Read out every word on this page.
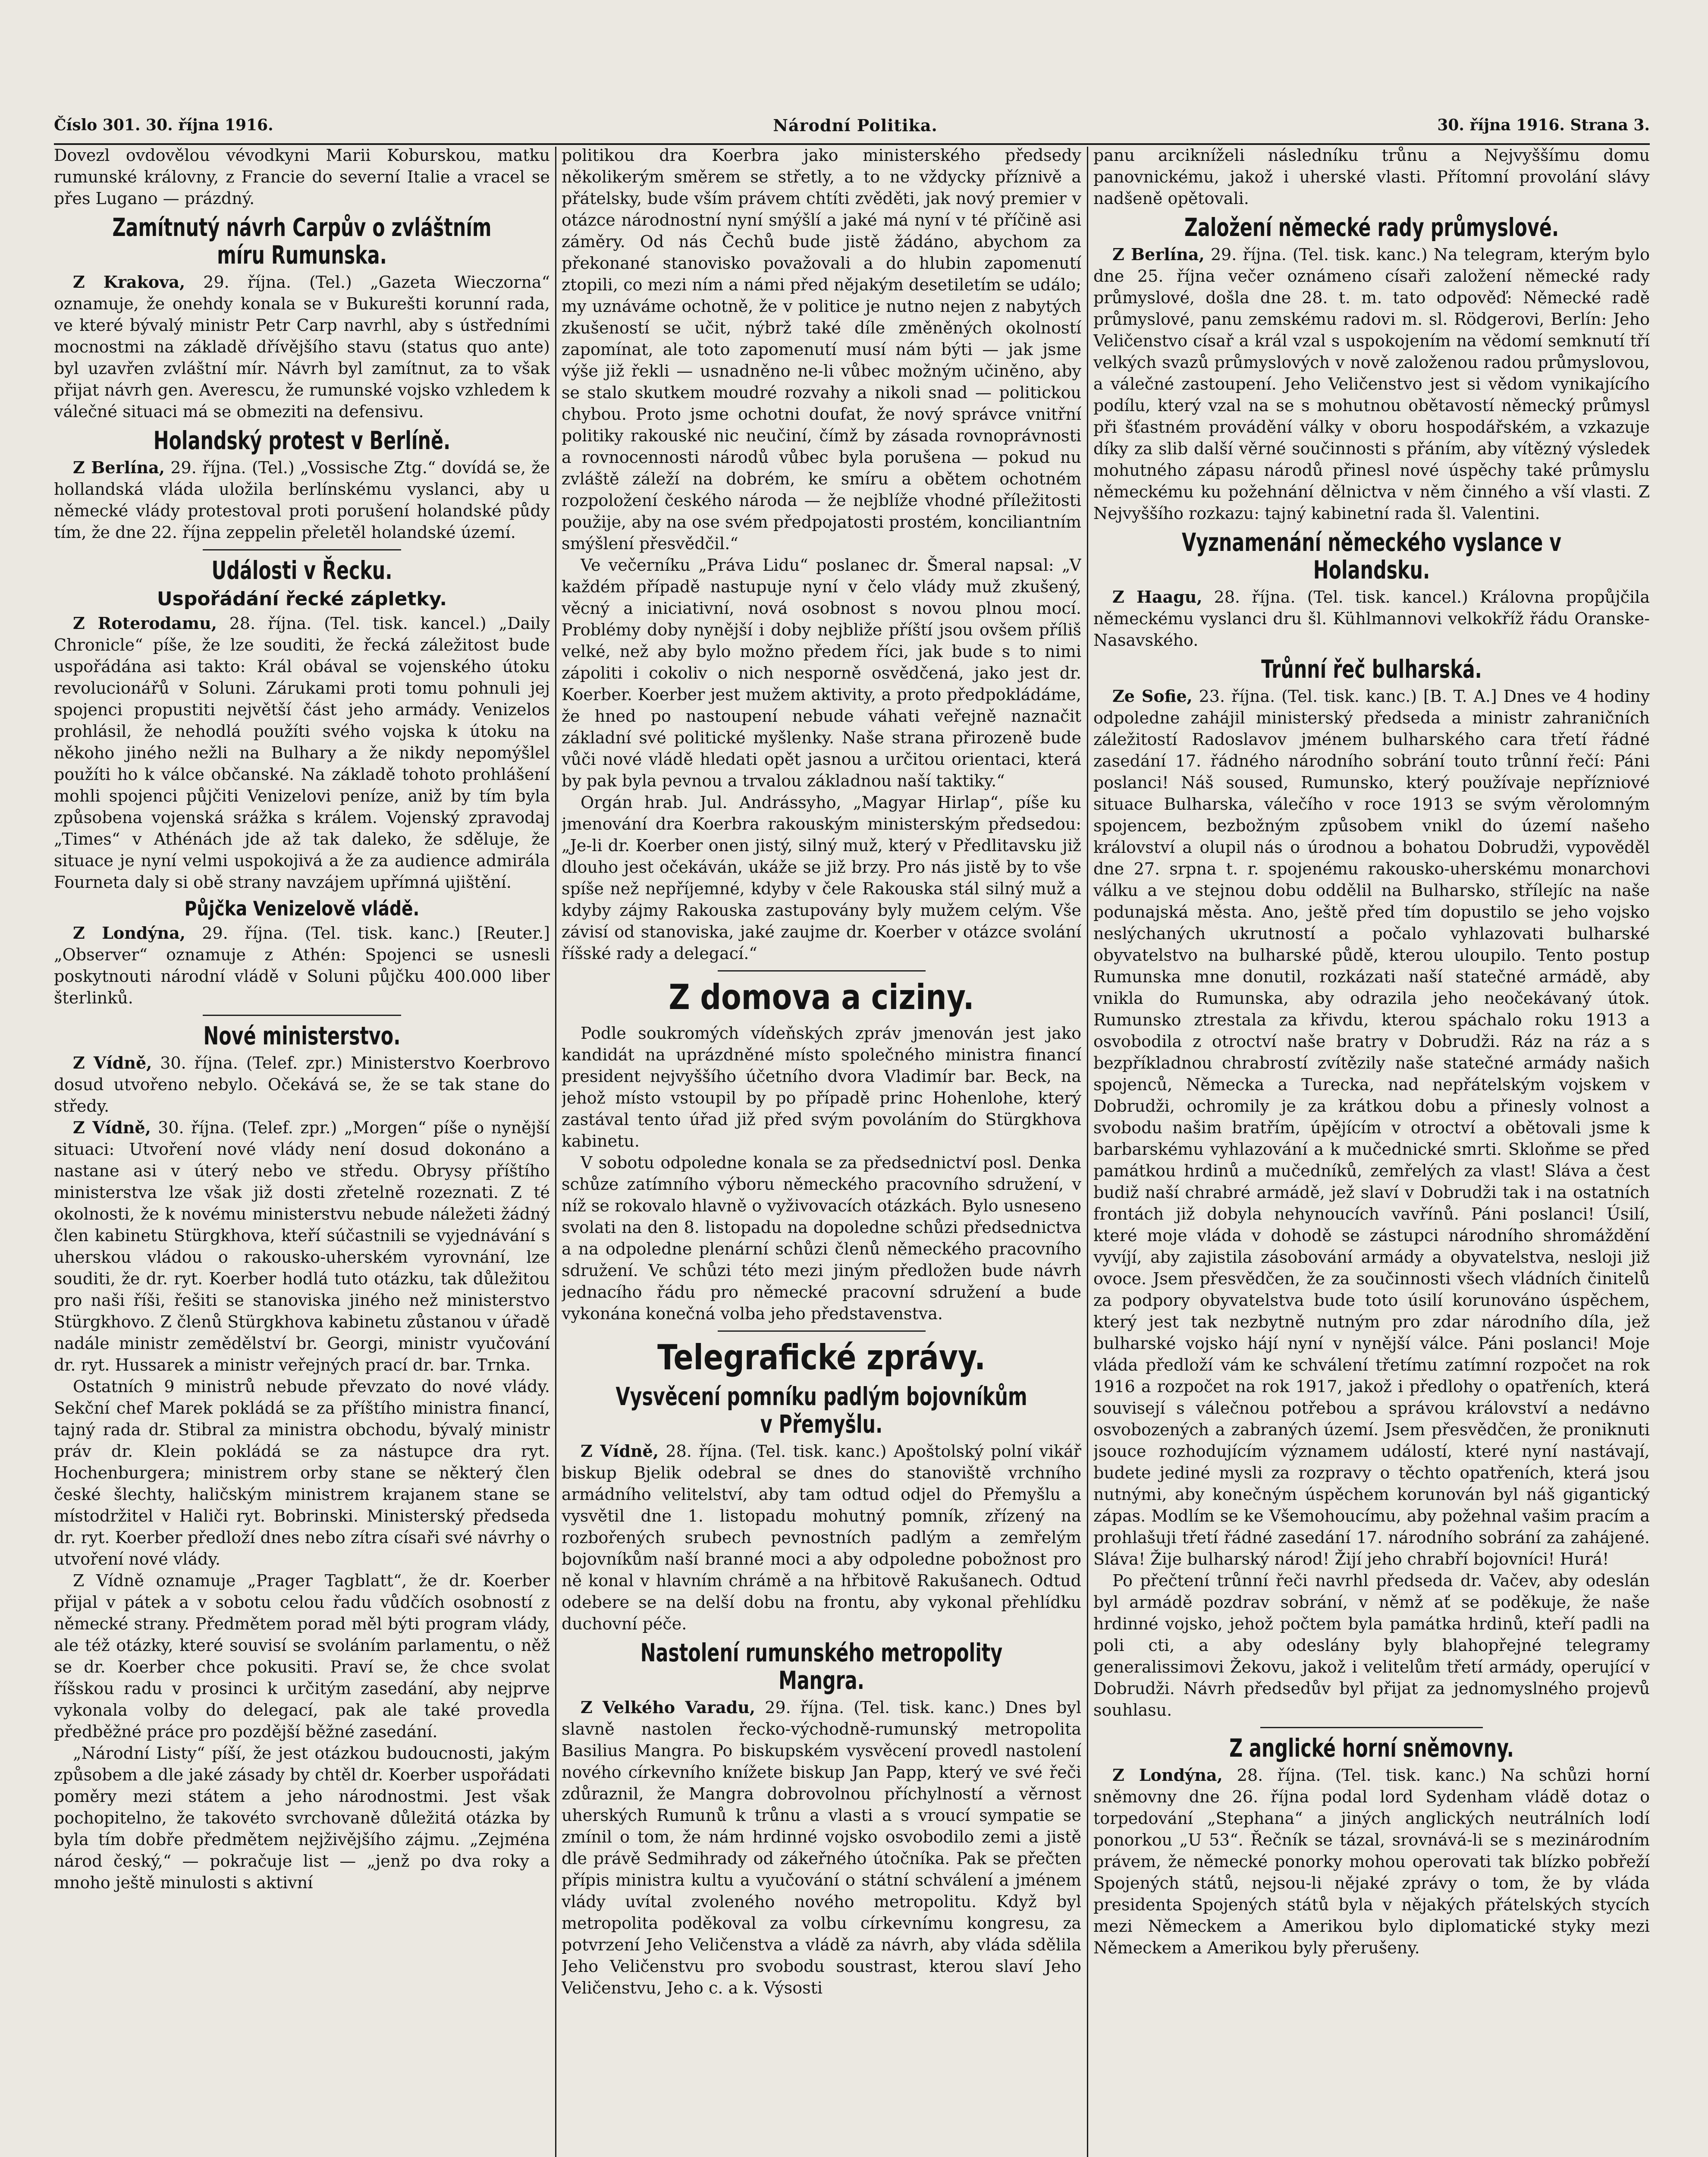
Číslo 301. 30. října 1916.	Národní Politika.	30. října 1916. Strana 3.

Dovezl ovdovělou vévodkyni Marii Koburskou, matku rumunské královny, z Francie do severní Italie a vracel se přes Lugano — prázdný.

Zamítnutý návrh Carpův o zvláštním míru Rumunska.

Z Krakova, 29. října. (Tel.) „Gazeta Wieczorna“ oznamuje, že onehdy konala se v Bukurešti korunní rada, ve které bývalý ministr Petr Carp navrhl, aby s ústředními mocnostmi na základě dřívějšího stavu (status quo ante) byl uzavřen zvláštní mír. Návrh byl zamítnut, za to však přijat návrh gen. Averescu, že rumunské vojsko vzhledem k válečné situaci má se obmeziti na defensivu.

Holandský protest v Berlíně.

Z Berlína, 29. října. (Tel.) „Vossische Ztg.“ dovídá se, že hollandská vláda uložila berlínskému vyslanci, aby u německé vlády protestoval proti porušení holandské půdy tím, že dne 22. října zeppelin přeletěl holandské území.

Události v Řecku.
Uspořádání řecké zápletky.

Z Roterodamu, 28. října. (Tel. tisk. kancel.) „Daily Chronicle“ píše, že lze souditi, že řecká záležitost bude uspořádána asi takto: Král obával se vojenského útoku revolucionářů v Soluni. Zárukami proti tomu pohnuli jej spojenci propustiti největší část jeho armády. Venizelos prohlásil, že nehodlá použíti svého vojska k útoku na někoho jiného nežli na Bulhary a že nikdy nepomýšlel použíti ho k válce občanské. Na základě tohoto prohlášení mohli spojenci půjčiti Venizelovi peníze, aniž by tím byla způsobena vojenská srážka s králem. Vojenský zpravodaj „Times“ v Athénách jde až tak daleko, že sděluje, že situace je nyní velmi uspokojivá a že za audience admirála Fourneta daly si obě strany navzájem upřímná ujištění.

Půjčka Venizelově vládě.

Z Londýna, 29. října. (Tel. tisk. kanc.) [Reuter.] „Observer“ oznamuje z Athén: Spojenci se usnesli poskytnouti národní vládě v Soluni půjčku 400.000 liber šterlinků.

Nové ministerstvo.

Z Vídně, 30. října. (Telef. zpr.) Ministerstvo Koerbrovo dosud utvořeno nebylo. Očekává se, že se tak stane do středy.

Z Vídně, 30. října. (Telef. zpr.) „Morgen“ píše o nynější situaci: Utvoření nové vlády není dosud dokonáno a nastane asi v úterý nebo ve středu. Obrysy příštího ministerstva lze však již dosti zřetelně rozeznati. Z té okolnosti, že k novému ministerstvu nebude náležeti žádný člen kabinetu Stürgkhova, kteří súčastnili se vyjednávání s uherskou vládou o rakousko-uherském vyrovnání, lze souditi, že dr. ryt. Koerber hodlá tuto otázku, tak důležitou pro naši říši, řešiti se stanoviska jiného než ministerstvo Stürgkhovo. Z členů Stürgkhova kabinetu zůstanou v úřadě nadále ministr zemědělství br. Georgi, ministr vyučování dr. ryt. Hussarek a ministr veřejných prací dr. bar. Trnka.

Ostatních 9 ministrů nebude převzato do nové vlády. Sekční chef Marek pokládá se za příštího ministra financí, tajný rada dr. Stibral za ministra obchodu, bývalý ministr práv dr. Klein pokládá se za nástupce dra ryt. Hochenburgera; ministrem orby stane se některý člen české šlechty, haličským ministrem krajanem stane se místodržitel v Haliči ryt. Bobrinski. Ministerský předseda dr. ryt. Koerber předloží dnes nebo zítra císaři své návrhy o utvoření nové vlády.

Z Vídně oznamuje „Prager Tagblatt“, že dr. Koerber přijal v pátek a v sobotu celou řadu vůdčích osobností z německé strany. Předmětem porad měl býti program vlády, ale též otázky, které souvisí se svoláním parlamentu, o něž se dr. Koerber chce pokusiti. Praví se, že chce svolat říšskou radu v prosinci k určitým zasedání, aby nejprve vykonala volby do delegací, pak ale také provedla předběžné práce pro pozdější běžné zasedání.

„Národní Listy“ píší, že jest otázkou budoucnosti, jakým způsobem a dle jaké zásady by chtěl dr. Koerber uspořádati poměry mezi státem a jeho národnostmi. Jest však pochopitelno, že takovéto svrchovaně důležitá otázka by byla tím dobře předmětem nejživějšího zájmu. „Zejména národ český,“ — pokračuje list — „jenž po dva roky a mnoho ještě minulosti s aktivní

politikou dra Koerbra jako ministerského předsedy několikerým směrem se střetly, a to ne vždycky příznivě a přátelsky, bude vším právem chtíti zvěděti, jak nový premier v otázce národnostní nyní smýšlí a jaké má nyní v té příčině asi záměry. Od nás Čechů bude jistě žádáno, abychom za překonané stanovisko považovali a do hlubin zapomenutí ztopili, co mezi ním a námi před nějakým desetiletím se událo; my uznáváme ochotně, že v politice je nutno nejen z nabytých zkušeností se učit, nýbrž také díle změněných okolností zapomínat, ale toto zapomenutí musí nám býti — jak jsme výše již řekli — usnadněno ne-li vůbec možným učiněno, aby se stalo skutkem moudré rozvahy a nikoli snad — politickou chybou. Proto jsme ochotni doufat, že nový správce vnitřní politiky rakouské nic neučiní, čímž by zásada rovnoprávnosti a rovnocennosti národů vůbec byla porušena — pokud nu zvláště záleží na dobrém, ke smíru a obětem ochotném rozpoložení českého národa — že nejblíže vhodné příležitosti použije, aby na ose svém předpojatosti prostém, konciliantním smýšlení přesvědčil.“

Ve večerníku „Práva Lidu“ poslanec dr. Šmeral napsal: „V každém případě nastupuje nyní v čelo vlády muž zkušený, věcný a iniciativní, nová osobnost s novou plnou mocí. Problémy doby nynější i doby nejbliže příští jsou ovšem příliš velké, než aby bylo možno předem říci, jak bude s to nimi zápoliti i cokoliv o nich nesporně osvědčená, jako jest dr. Koerber. Koerber jest mužem aktivity, a proto předpokládáme, že hned po nastoupení nebude váhati veřejně naznačit základní své politické myšlenky. Naše strana přirozeně bude vůči nové vládě hledati opět jasnou a určitou orientaci, která by pak byla pevnou a trvalou základnou naší taktiky.“

Orgán hrab. Jul. Andrássyho, „Magyar Hirlap“, píše ku jmenování dra Koerbra rakouským ministerským předsedou: „Je-li dr. Koerber onen jistý, silný muž, který v Předlitavsku již dlouho jest očekáván, ukáže se již brzy. Pro nás jistě by to vše spíše než nepříjemné, kdyby v čele Rakouska stál silný muž a kdyby zájmy Rakouska zastupovány byly mužem celým. Vše závisí od stanoviska, jaké zaujme dr. Koerber v otázce svolání říšské rady a delegací.“

Z domova a ciziny.

Podle soukromých vídeňských zpráv jmenován jest jako kandidát na uprázdněné místo společného ministra financí president nejvyššího účetního dvora Vladimír bar. Beck, na jehož místo vstoupil by po případě princ Hohenlohe, který zastával tento úřad již před svým povoláním do Stürgkhova kabinetu.

V sobotu odpoledne konala se za předsednictví posl. Denka schůze zatímního výboru německého pracovního sdružení, v níž se rokovalo hlavně o vyživovacích otázkách. Bylo usneseno svolati na den 8. listopadu na dopoledne schůzi předsednictva a na odpoledne plenární schůzi členů německého pracovního sdružení. Ve schůzi této mezi jiným předložen bude návrh jednacího řádu pro německé pracovní sdružení a bude vykonána konečná volba jeho představenstva.

Telegrafické zprávy.
Vysvěcení pomníku padlým bojovníkům v Přemyšlu.

Z Vídně, 28. října. (Tel. tisk. kanc.) Apoštolský polní vikář biskup Bjelik odebral se dnes do stanoviště vrchního armádního velitelství, aby tam odtud odjel do Přemyšlu a vysvětil dne 1. listopadu mohutný pomník, zřízený na rozbořených srubech pevnostních padlým a zemřelým bojovníkům naší branné moci a aby odpoledne pobožnost pro ně konal v hlavním chrámě a na hřbitově Rakušanech. Odtud odebere se na delší dobu na frontu, aby vykonal přehlídku duchovní péče.

Nastolení rumunského metropolity Mangra.

Z Velkého Varadu, 29. října. (Tel. tisk. kanc.) Dnes byl slavně nastolen řecko-východně-rumunský metropolita Basilius Mangra. Po biskupském vysvěcení provedl nastolení nového církevního knížete biskup Jan Papp, který ve své řeči zdůraznil, že Mangra dobrovolnou příchylností a věrnost uherských Rumunů k trůnu a vlasti a s vroucí sympatie se zmínil o tom, že nám hrdinné vojsko osvobodilo zemi a jistě dle právě Sedmihrady od zákeřného útočníka. Pak se přečten přípis ministra kultu a vyučování o státní schválení a jménem vlády uvítal zvoleného nového metropolitu. Když byl metropolita poděkoval za volbu církevnímu kongresu, za potvrzení Jeho Veličenstva a vládě za návrh, aby vláda sdělila Jeho Veličenstvu pro svobodu soustrast, kterou slaví Jeho Veličenstvu, Jeho c. a k. Výsosti

panu arcikníželi následníku trůnu a Nejvyššímu domu panovnickému, jakož i uherské vlasti. Přítomní provolání slávy nadšeně opětovali.

Založení německé rady průmyslové.

Z Berlína, 29. října. (Tel. tisk. kanc.) Na telegram, kterým bylo dne 25. října večer oznámeno císaři založení německé rady průmyslové, došla dne 28. t. m. tato odpověď: Německé radě průmyslové, panu zemskému radovi m. sl. Rödgerovi, Berlín: Jeho Veličenstvo císař a král vzal s uspokojením na vědomí semknutí tří velkých svazů průmyslových v nově založenou radou průmyslovou, a válečné zastoupení. Jeho Veličenstvo jest si vědom vynikajícího podílu, který vzal na se s mohutnou obětavostí německý průmysl při šťastném provádění války v oboru hospodářském, a vzkazuje díky za slib další věrné součinnosti s přáním, aby vítězný výsledek mohutného zápasu národů přinesl nové úspěchy také průmyslu německému ku požehnání dělnictva v něm činného a vší vlasti. Z Nejvyššího rozkazu: tajný kabinetní rada šl. Valentini.

Vyznamenání německého vyslance v Holandsku.

Z Haagu, 28. října. (Tel. tisk. kancel.) Královna propůjčila německému vyslanci dru šl. Kühlmannovi velkokříž řádu Oranske-Nasavského.

Trůnní řeč bulharská.

Ze Sofie, 23. října. (Tel. tisk. kanc.) [B. T. A.] Dnes ve 4 hodiny odpoledne zahájil ministerský předseda a ministr zahraničních záležitostí Radoslavov jménem bulharského cara třetí řádné zasedání 17. řádného národního sobrání touto trůnní řečí: Páni poslanci! Náš soused, Rumunsko, který používaje nepřízniové situace Bulharska, válečího v roce 1913 se svým věrolomným spojencem, bezbožným způsobem vnikl do území našeho království a olupil nás o úrodnou a bohatou Dobrudži, vypověděl dne 27. srpna t. r. spojenému rakousko-uherskému monarchovi válku a ve stejnou dobu oddělil na Bulharsko, střílejíc na naše podunajská města. Ano, ještě před tím dopustilo se jeho vojsko neslýchaných ukrutností a počalo vyhlazovati bulharské obyvatelstvo na bulharské půdě, kterou uloupilo. Tento postup Rumunska mne donutil, rozkázati naší statečné armádě, aby vnikla do Rumunska, aby odrazila jeho neočekávaný útok. Rumunsko ztrestala za křivdu, kterou spáchalo roku 1913 a osvobodila z otroctví naše bratry v Dobrudži. Ráz na ráz a s bezpříkladnou chrabrostí zvítězily naše statečné armády našich spojenců, Německa a Turecka, nad nepřátelským vojskem v Dobrudži, ochromily je za krátkou dobu a přinesly volnost a svobodu našim bratřím, úpějícím v otroctví a obětovali jsme k barbarskému vyhlazování a k mučednické smrti. Skloňme se před památkou hrdinů a mučedníků, zemřelých za vlast! Sláva a čest budiž naší chrabré armádě, jež slaví v Dobrudži tak i na ostatních frontách již dobyla nehynoucích vavřínů. Páni poslanci! Úsilí, které moje vláda v dohodě se zástupci národního shromáždění vyvíjí, aby zajistila zásobování armády a obyvatelstva, nesloji již ovoce. Jsem přesvědčen, že za součinnosti všech vládních činitelů za podpory obyvatelstva bude toto úsilí korunováno úspěchem, který jest tak nezbytně nutným pro zdar národního díla, jež bulharské vojsko hájí nyní v nynější válce. Páni poslanci! Moje vláda předloží vám ke schválení třetímu zatímní rozpočet na rok 1916 a rozpočet na rok 1917, jakož i předlohy o opatřeních, která souvisejí s válečnou potřebou a správou království a nedávno osvobozených a zabraných území. Jsem přesvědčen, že proniknuti jsouce rozhodujícím významem událostí, které nyní nastávají, budete jediné mysli za rozpravy o těchto opatřeních, která jsou nutnými, aby konečným úspěchem korunován byl náš gigantický zápas. Modlím se ke Všemohoucímu, aby požehnal vašim pracím a prohlašuji třetí řádné zasedání 17. národního sobrání za zahájené. Sláva! Žije bulharský národ! Žijí jeho chrabří bojovníci! Hurá!

Po přečtení trůnní řeči navrhl předseda dr. Vačev, aby odeslán byl armádě pozdrav sobrání, v němž ať se poděkuje, že naše hrdinné vojsko, jehož počtem byla památka hrdinů, kteří padli na poli cti, a aby odeslány byly blahopřejné telegramy generalissimovi Žekovu, jakož i velitelům třetí armády, operující v Dobrudži. Návrh předsedův byl přijat za jednomyslného projevů souhlasu.

Z anglické horní sněmovny.

Z Londýna, 28. října. (Tel. tisk. kanc.) Na schůzi horní sněmovny dne 26. října podal lord Sydenham vládě dotaz o torpedování „Stephana“ a jiných anglických neutrálních lodí ponorkou „U 53“. Řečník se tázal, srovnává-li se s mezinárodním právem, že německé ponorky mohou operovati tak blízko pobřeží Spojených států, nejsou-li nějaké zprávy o tom, že by vláda presidenta Spojených států byla v nějakých přátelských stycích mezi Německem a Amerikou bylo diplomatické styky mezi Německem a Amerikou byly přerušeny.
